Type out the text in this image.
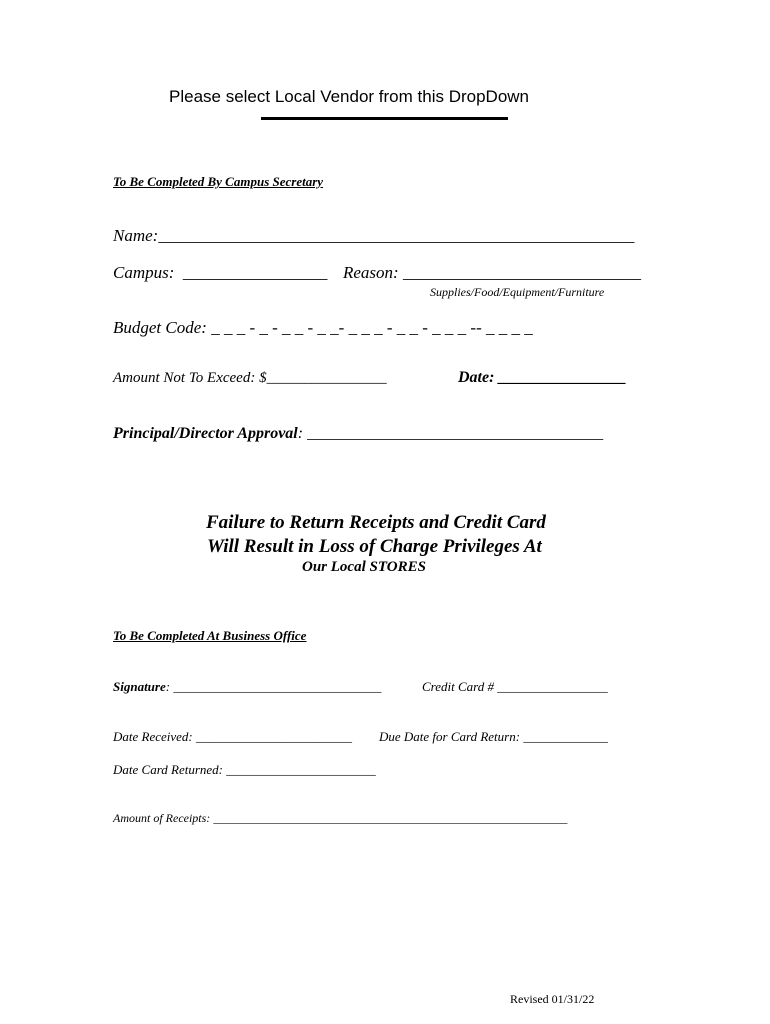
Please select Local Vendor from this DropDown
To Be Completed By Campus Secretary
Name:________________________________________________________
Campus: _________________ Reason: ____________________________
Supplies/Food/Equipment/Furniture
Budget Code: _ _ _ - _ - _ _ - _ _- _ _ _ - _ _ - _ _ _ -- _ _ _ _
Amount Not To Exceed: $________________	Date: ________________
Principal/Director Approval: _____________________________________
Failure to Return Receipts and Credit Card
Will Result in Loss of Charge Privileges At
Our Local STORES
To Be Completed At Business Office
Signature: ________________________________	Credit Card # _________________
Date Received: ________________________ Due Date for Card Return: _____________
Date Card Returned: _______________________
Amount of Receipts: ___________________________________________________________
Revised 01/31/22
